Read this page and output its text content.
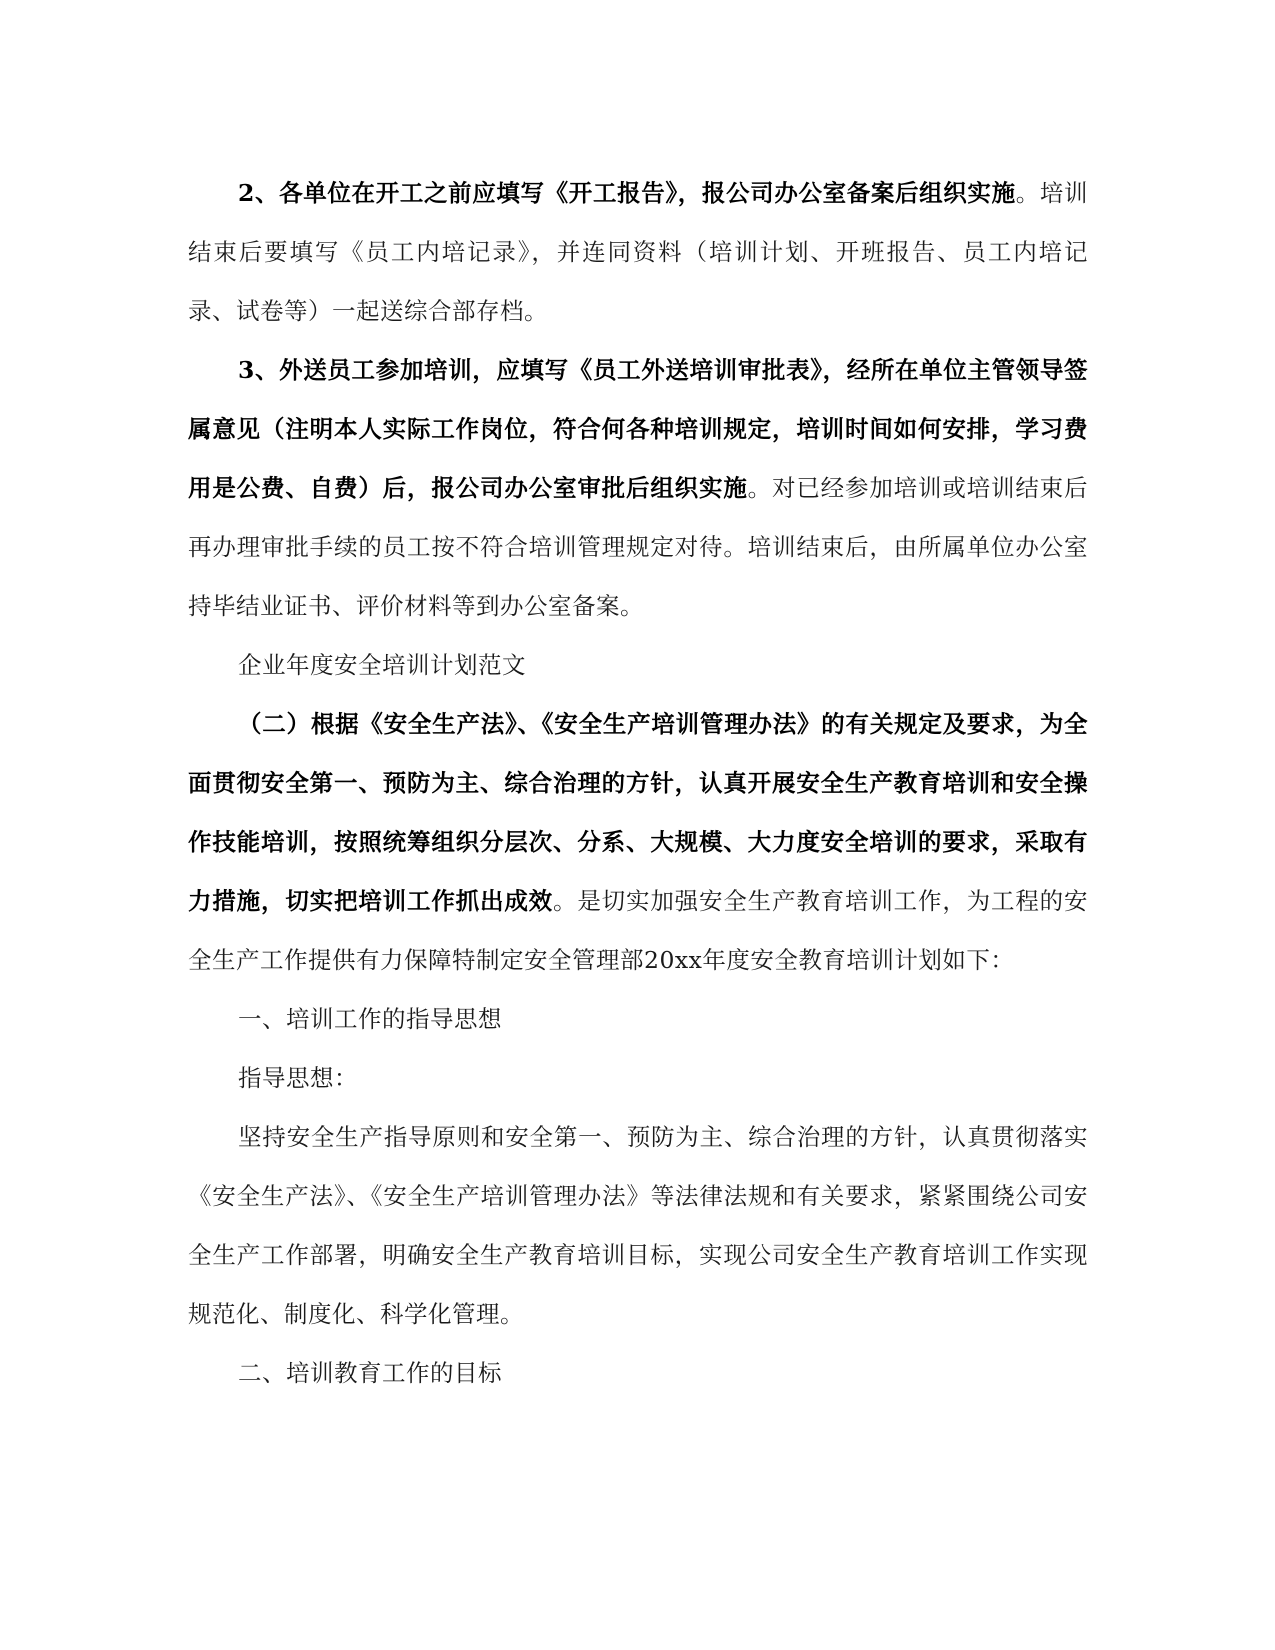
2、各单位在开工之前应填写《开工报告》，报公司办公室备案后组织实施。培训结束后要填写《员工内培记录》，并连同资料（培训计划、开班报告、员工内培记录、试卷等）一起送综合部存档。

3、外送员工参加培训，应填写《员工外送培训审批表》，经所在单位主管领导签属意见（注明本人实际工作岗位，符合何各种培训规定，培训时间如何安排，学习费用是公费、自费）后，报公司办公室审批后组织实施。对已经参加培训或培训结束后再办理审批手续的员工按不符合培训管理规定对待。培训结束后，由所属单位办公室持毕结业证书、评价材料等到办公室备案。

企业年度安全培训计划范文

（二）根据《安全生产法》、《安全生产培训管理办法》的有关规定及要求，为全面贯彻安全第一、预防为主、综合治理的方针，认真开展安全生产教育培训和安全操作技能培训，按照统筹组织分层次、分系、大规模、大力度安全培训的要求，采取有力措施，切实把培训工作抓出成效。是切实加强安全生产教育培训工作，为工程的安全生产工作提供有力保障特制定安全管理部20xx年度安全教育培训计划如下：

一、培训工作的指导思想

指导思想：

坚持安全生产指导原则和安全第一、预防为主、综合治理的方针，认真贯彻落实《安全生产法》、《安全生产培训管理办法》等法律法规和有关要求，紧紧围绕公司安全生产工作部署，明确安全生产教育培训目标，实现公司安全生产教育培训工作实现规范化、制度化、科学化管理。

二、培训教育工作的目标
